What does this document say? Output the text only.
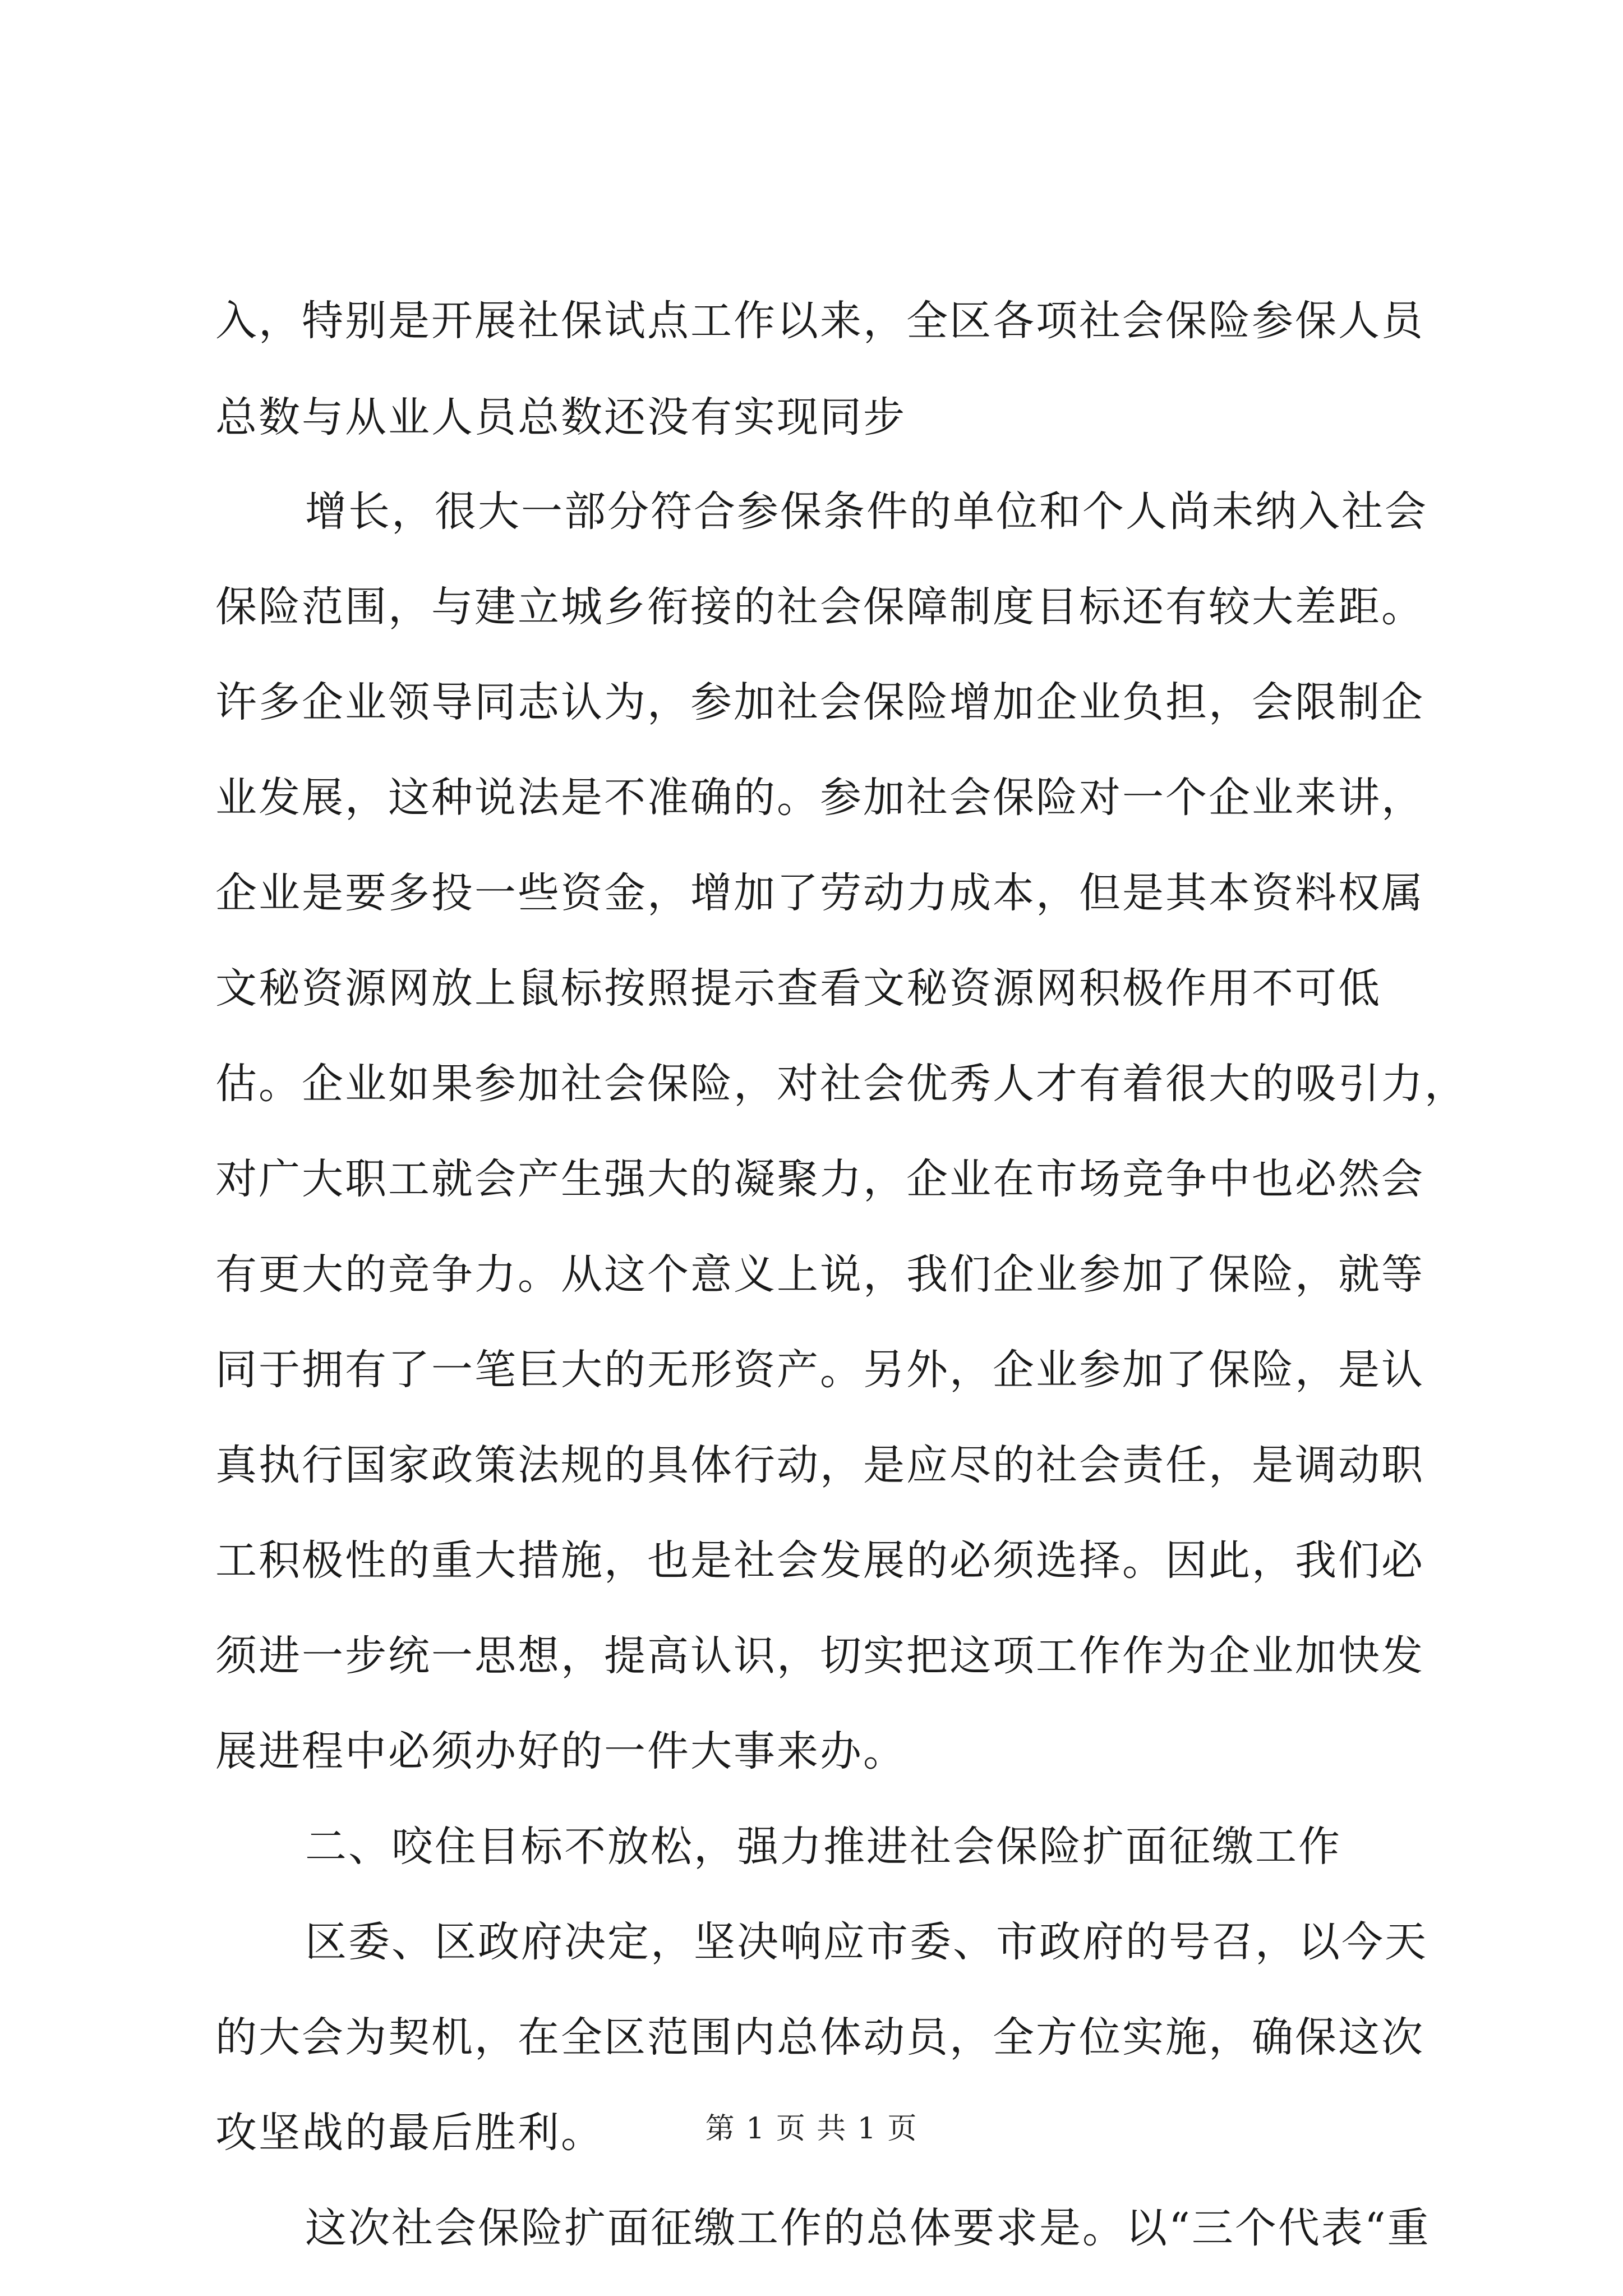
入，特别是开展社保试点工作以来，全区各项社会保险参保人员
总数与从业人员总数还没有实现同步
增长，很大一部分符合参保条件的单位和个人尚未纳入社会
保险范围，与建立城乡衔接的社会保障制度目标还有较大差距。
许多企业领导同志认为，参加社会保险增加企业负担，会限制企
业发展，这种说法是不准确的。参加社会保险对一个企业来讲，
企业是要多投一些资金，增加了劳动力成本，但是其本资料权属
文秘资源网放上鼠标按照提示查看文秘资源网积极作用不可低
估。企业如果参加社会保险，对社会优秀人才有着很大的吸引力，
对广大职工就会产生强大的凝聚力，企业在市场竞争中也必然会
有更大的竞争力。从这个意义上说，我们企业参加了保险，就等
同于拥有了一笔巨大的无形资产。另外，企业参加了保险，是认
真执行国家政策法规的具体行动，是应尽的社会责任，是调动职
工积极性的重大措施，也是社会发展的必须选择。因此，我们必
须进一步统一思想，提高认识，切实把这项工作作为企业加快发
展进程中必须办好的一件大事来办。
二、咬住目标不放松，强力推进社会保险扩面征缴工作
区委、区政府决定，坚决响应市委、市政府的号召，以今天
的大会为契机，在全区范围内总体动员，全方位实施，确保这次
攻坚战的最后胜利。
这次社会保险扩面征缴工作的总体要求是。以“三个代表“重
第 1 页 共 1 页
